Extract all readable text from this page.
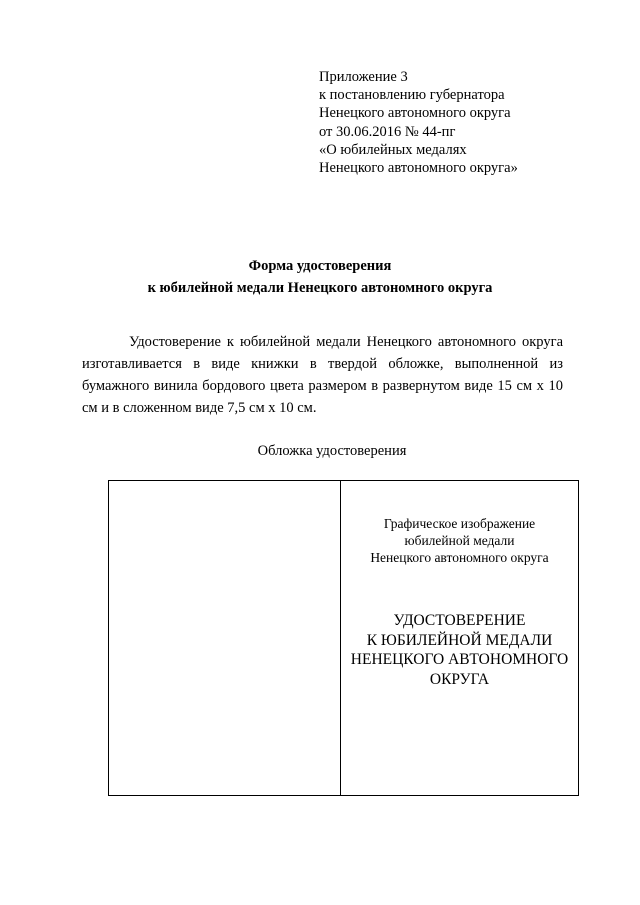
Приложение 3
к постановлению губернатора
Ненецкого автономного округа
от 30.06.2016 № 44-пг
«О юбилейных медалях
Ненецкого автономного округа»
Форма удостоверения
к юбилейной медали Ненецкого автономного округа
Удостоверение к юбилейной медали Ненецкого автономного округа изготавливается в виде книжки в твердой обложке, выполненной из бумажного винила бордового цвета размером в развернутом виде 15 см х 10 см и в сложенном виде 7,5 см х 10 см.
Обложка удостоверения
Графическое изображение
юбилейной медали
Ненецкого автономного округа
УДОСТОВЕРЕНИЕ
К ЮБИЛЕЙНОЙ МЕДАЛИ
НЕНЕЦКОГО АВТОНОМНОГО
ОКРУГА
